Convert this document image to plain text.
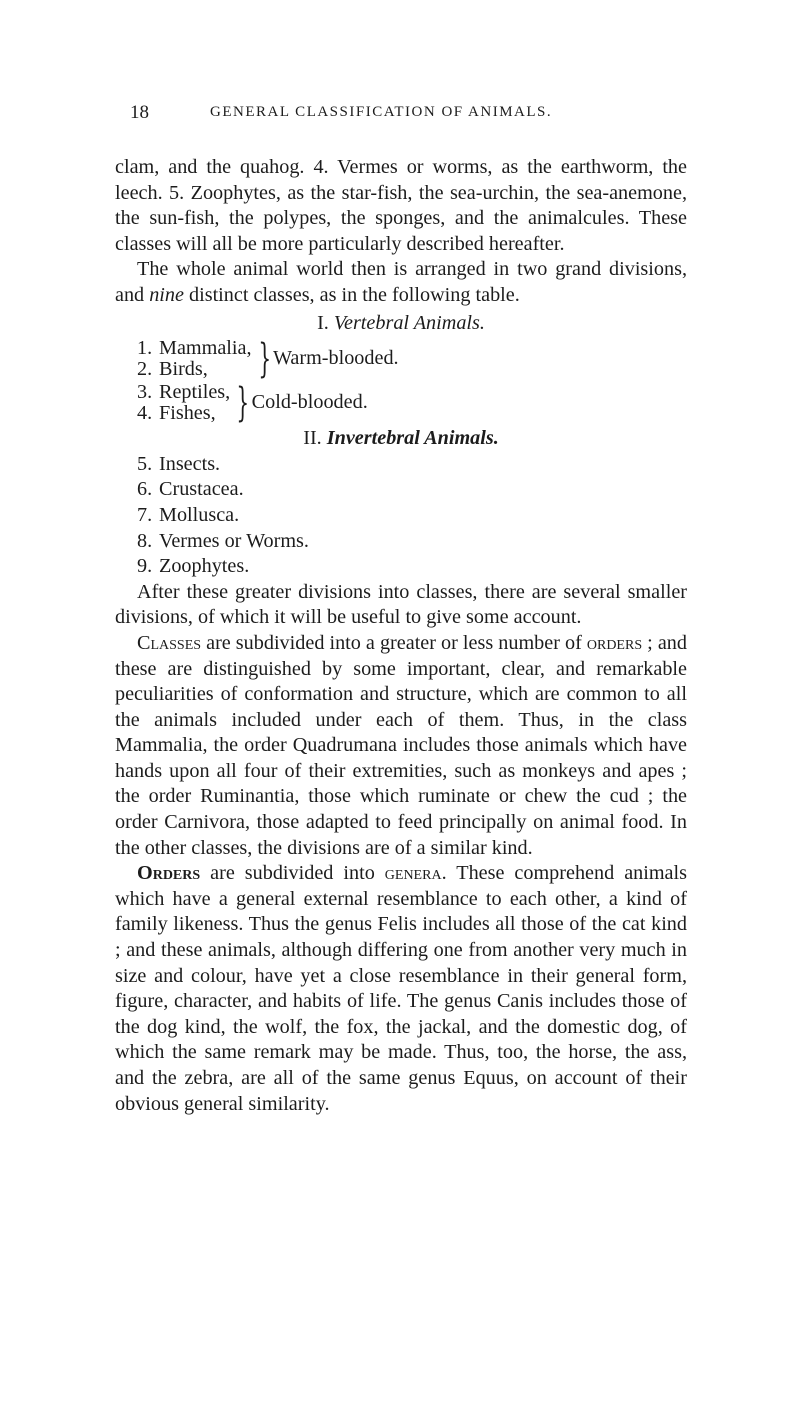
18	GENERAL CLASSIFICATION OF ANIMALS.

clam, and the quahog. 4. Vermes or worms, as the earthworm, the leech. 5. Zoophytes, as the star-fish, the sea-urchin, the sea-anemone, the sun-fish, the polypes, the sponges, and the animalcules. These classes will all be more particularly described hereafter.

The whole animal world then is arranged in two grand divisions, and nine distinct classes, as in the following table.

I. Vertebral Animals.
1. Mammalia,
2. Birds,	} Warm-blooded.
3. Reptiles,
4. Fishes, } Cold-blooded.
II. Invertebral Animals.
5. Insects.
6. Crustacea.
7. Mollusca.
8. Vermes or Worms.
9. Zoophytes.

After these greater divisions into classes, there are several smaller divisions, of which it will be useful to give some account.

Classes are subdivided into a greater or less number of orders ; and these are distinguished by some important, clear, and remarkable peculiarities of conformation and structure, which are common to all the animals included under each of them. Thus, in the class Mammalia, the order Quadrumana includes those animals which have hands upon all four of their extremities, such as monkeys and apes ; the order Ruminantia, those which ruminate or chew the cud ; the order Carnivora, those adapted to feed principally on animal food. In the other classes, the divisions are of a similar kind.

Orders are subdivided into genera. These comprehend animals which have a general external resemblance to each other, a kind of family likeness. Thus the genus Felis includes all those of the cat kind ; and these animals, although differing one from another very much in size and colour, have yet a close resemblance in their general form, figure, character, and habits of life. The genus Canis includes those of the dog kind, the wolf, the fox, the jackal, and the domestic dog, of which the same remark may be made. Thus, too, the horse, the ass, and the zebra, are all of the same genus Equus, on account of their obvious general similarity.
